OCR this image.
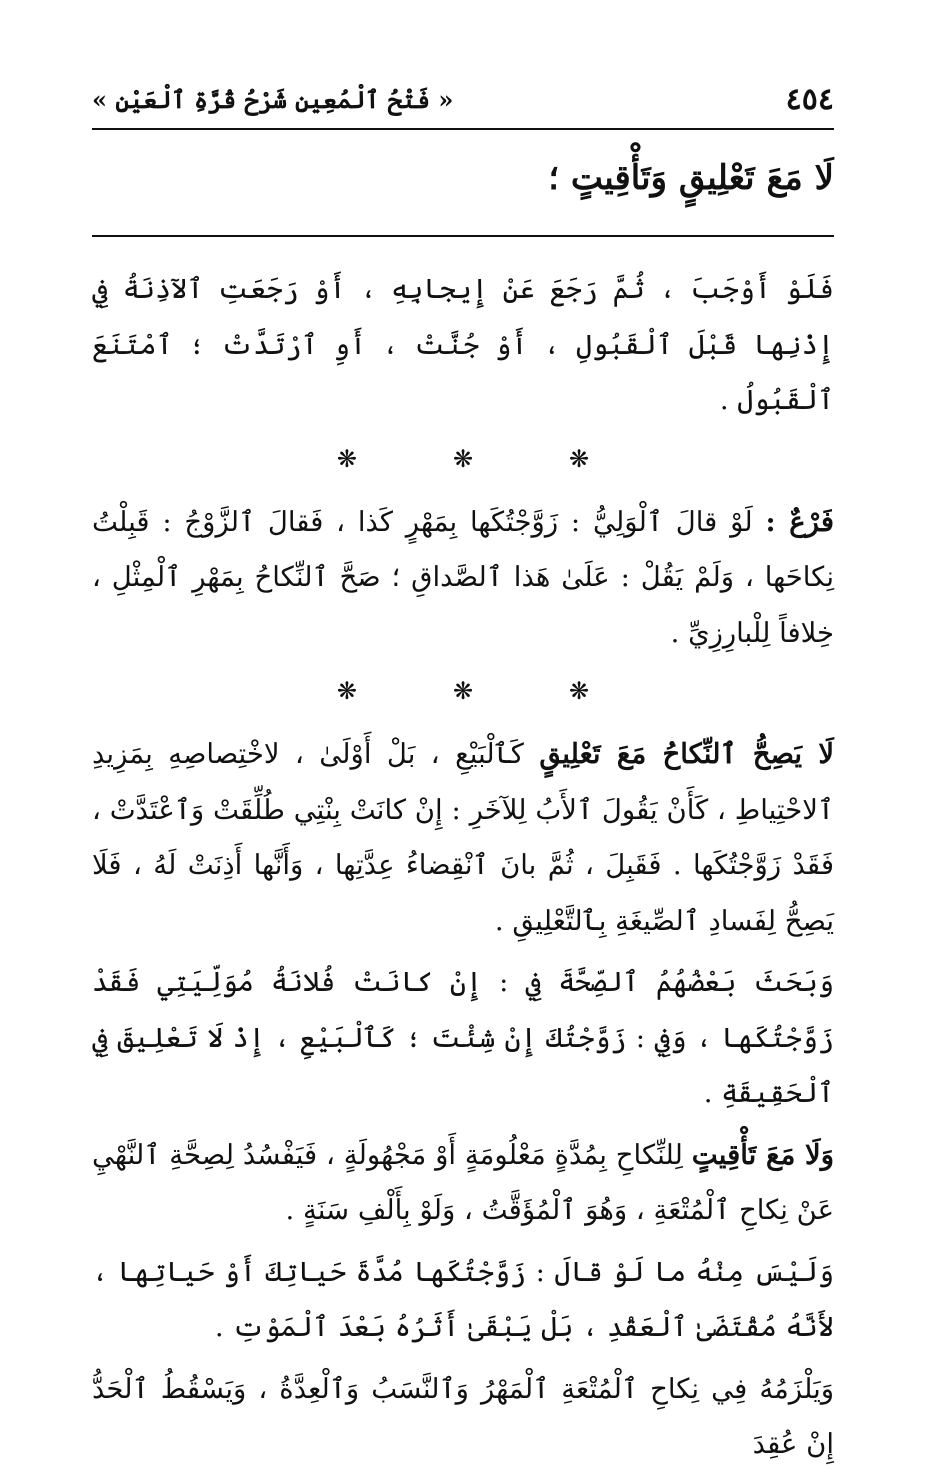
« فَتْحُ ٱلْمُعِينِ شَرْحُ قُرَّةِ ٱلْعَيْنِ »	٤٥٤
لَا مَعَ تَعْلِيقٍ وَتَأْقِيتٍ ؛

فَلَوْ أَوْجَبَ ، ثُمَّ رَجَعَ عَنْ إِيجابِهِ ، أَوْ رَجَعَتِ ٱلآذِنَةُ فِي إِذْنِها قَبْلَ ٱلْقَبُولِ ، أَوْ جُنَّتْ ، أَوِ ٱرْتَدَّتْ ؛ ٱمْتَنَعَ ٱلْقَبُولُ .

❋	❋	❋

فَرْعٌ : لَوْ قالَ ٱلْوَلِيُّ : زَوَّجْتُكَها بِمَهْرٍ كَذا ، فَقالَ ٱلزَّوْجُ : قَبِلْتُ نِكاحَها ، وَلَمْ يَقُلْ : عَلَىٰ هَذا ٱلصَّداقِ ؛ صَحَّ ٱلنِّكاحُ بِمَهْرِ ٱلْمِثْلِ ، خِلافاً لِلْبارِزِيِّ .

❋	❋	❋

لَا يَصِحُّ ٱلنِّكاحُ مَعَ تَعْلِيقٍ كَٱلْبَيْعِ ، بَلْ أَوْلَىٰ ، لاخْتِصاصِهِ بِمَزِيدِ ٱلاحْتِياطِ ، كَأَنْ يَقُولَ ٱلأَبُ لِلآخَرِ : إِنْ كانَتْ بِنْتِي طُلِّقَتْ وَٱعْتَدَّتْ ، فَقَدْ زَوَّجْتُكَها . فَقَبِلَ ، ثُمَّ بانَ ٱنْقِضاءُ عِدَّتِها ، وَأَنَّها أَذِنَتْ لَهُ ، فَلَا يَصِحُّ لِفَسادِ ٱلصِّيغَةِ بِٱلتَّعْلِيقِ .

وَبَحَثَ بَعْضُهُمُ ٱلصِّحَّةَ فِي : إِنْ كانَتْ فُلانَةُ مُوَلِّيَتِي فَقَدْ زَوَّجْتُكَها ، وَفِي : زَوَّجْتُكَ إِنْ شِئْتَ ؛ كَٱلْبَيْعِ ، إِذْ لَا تَعْلِيقَ فِي ٱلْحَقِيقَةِ .

وَلَا مَعَ تَأْقِيتٍ لِلنِّكاحِ بِمُدَّةٍ مَعْلُومَةٍ أَوْ مَجْهُولَةٍ ، فَيَفْسُدُ لِصِحَّةِ ٱلنَّهْيِ عَنْ نِكاحِ ٱلْمُتْعَةِ ، وَهُوَ ٱلْمُؤَقَّتُ ، وَلَوْ بِأَلْفِ سَنَةٍ .

وَلَيْسَ مِنْهُ ما لَوْ قالَ : زَوَّجْتُكَها مُدَّةَ حَياتِكَ أَوْ حَياتِها ، لأَنَّهُ مُقْتَضَىٰ ٱلْعَقْدِ ، بَلْ يَبْقَىٰ أَثَرُهُ بَعْدَ ٱلْمَوْتِ .

وَيَلْزَمُهُ فِي نِكاحِ ٱلْمُتْعَةِ ٱلْمَهْرُ وَٱلنَّسَبُ وَٱلْعِدَّةُ ، وَيَسْقُطُ ٱلْحَدُّ إِنْ عُقِدَ
